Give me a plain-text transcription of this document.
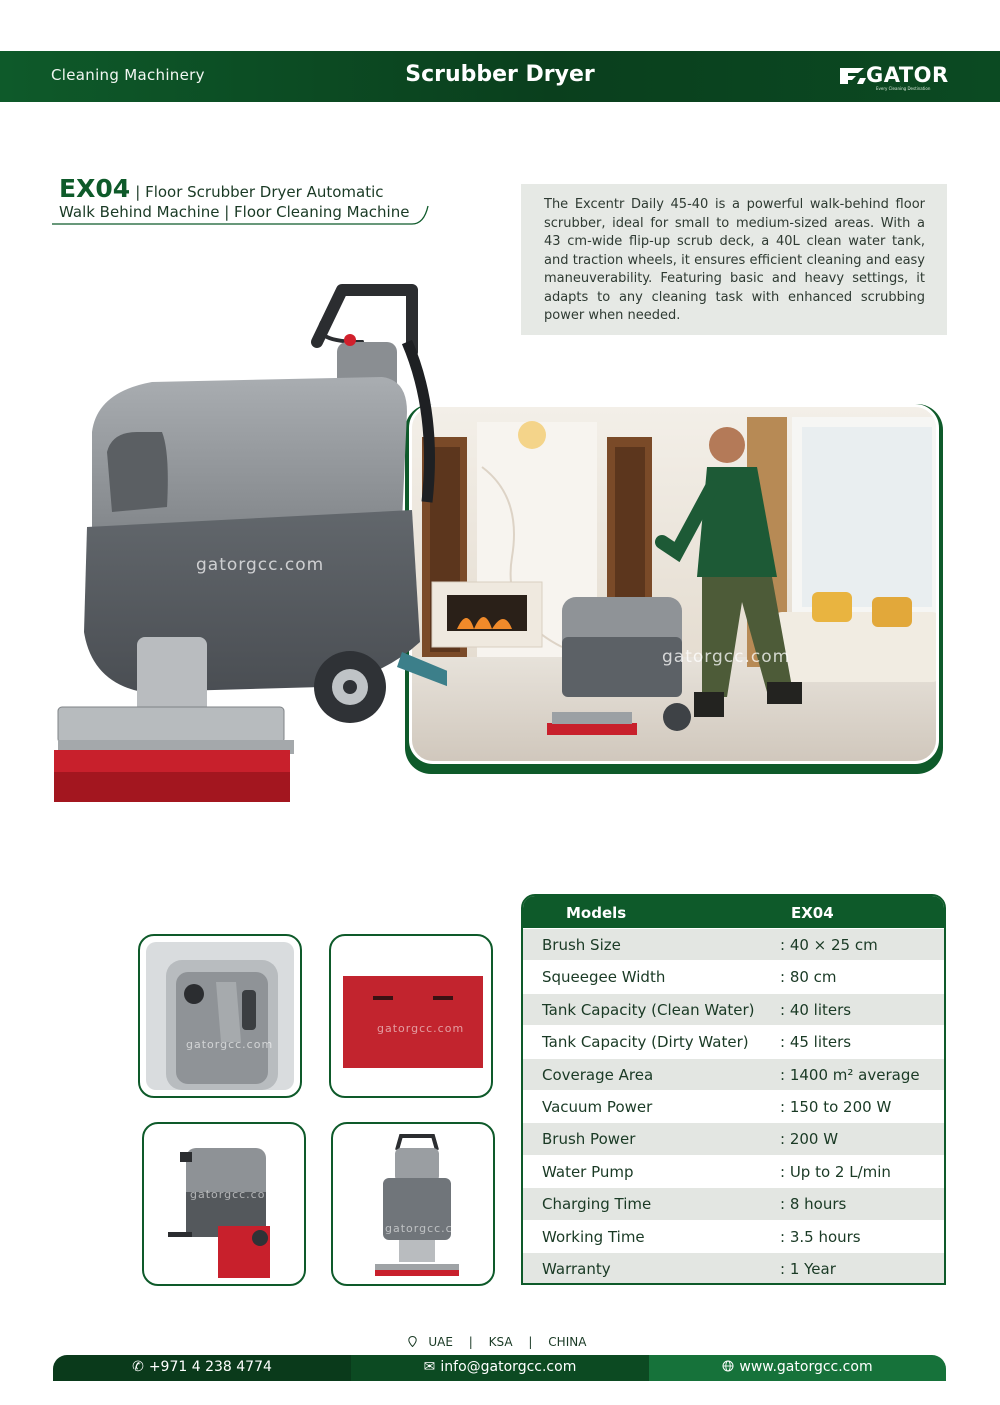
Cleaning Machinery	Scrubber Dryer	GATOR
Every Cleaning Destination
EX04 | Floor Scrubber Dryer Automatic
Walk Behind Machine | Floor Cleaning Machine	The Excentr Daily 45-40 is a powerful walk-behind floor scrubber, ideal for small to medium-sized areas. With a 43 cm-wide flip-up scrub deck, a 40L clean water tank, and traction wheels, it ensures efficient cleaning and easy maneuverability. Featuring basic and heavy settings, it adapts to any cleaning task with enhanced scrubbing power when needed.
gatorgcc.com
gatorgcc.com
gatorgcc.com
gatorgcc.com
gatorgcc.com
gatorgcc.com
Models	EX04
Brush Size	: 40 × 25 cm
Squeegee Width	: 80 cm
Tank Capacity (Clean Water) : 40 liters
Tank Capacity (Dirty Water) : 45 liters
Coverage Area	: 1400 m² average
Vacuum Power	: 150 to 200 W
Brush Power	: 200 W
Water Pump	: Up to 2 L/min
Charging Time	: 8 hours
Working Time	: 3.5 hours
Warranty	: 1 Year
UAE | KSA | CHINA
✆ +971 4 238 4774	✉ info@gatorgcc.com	www.gatorgcc.com
